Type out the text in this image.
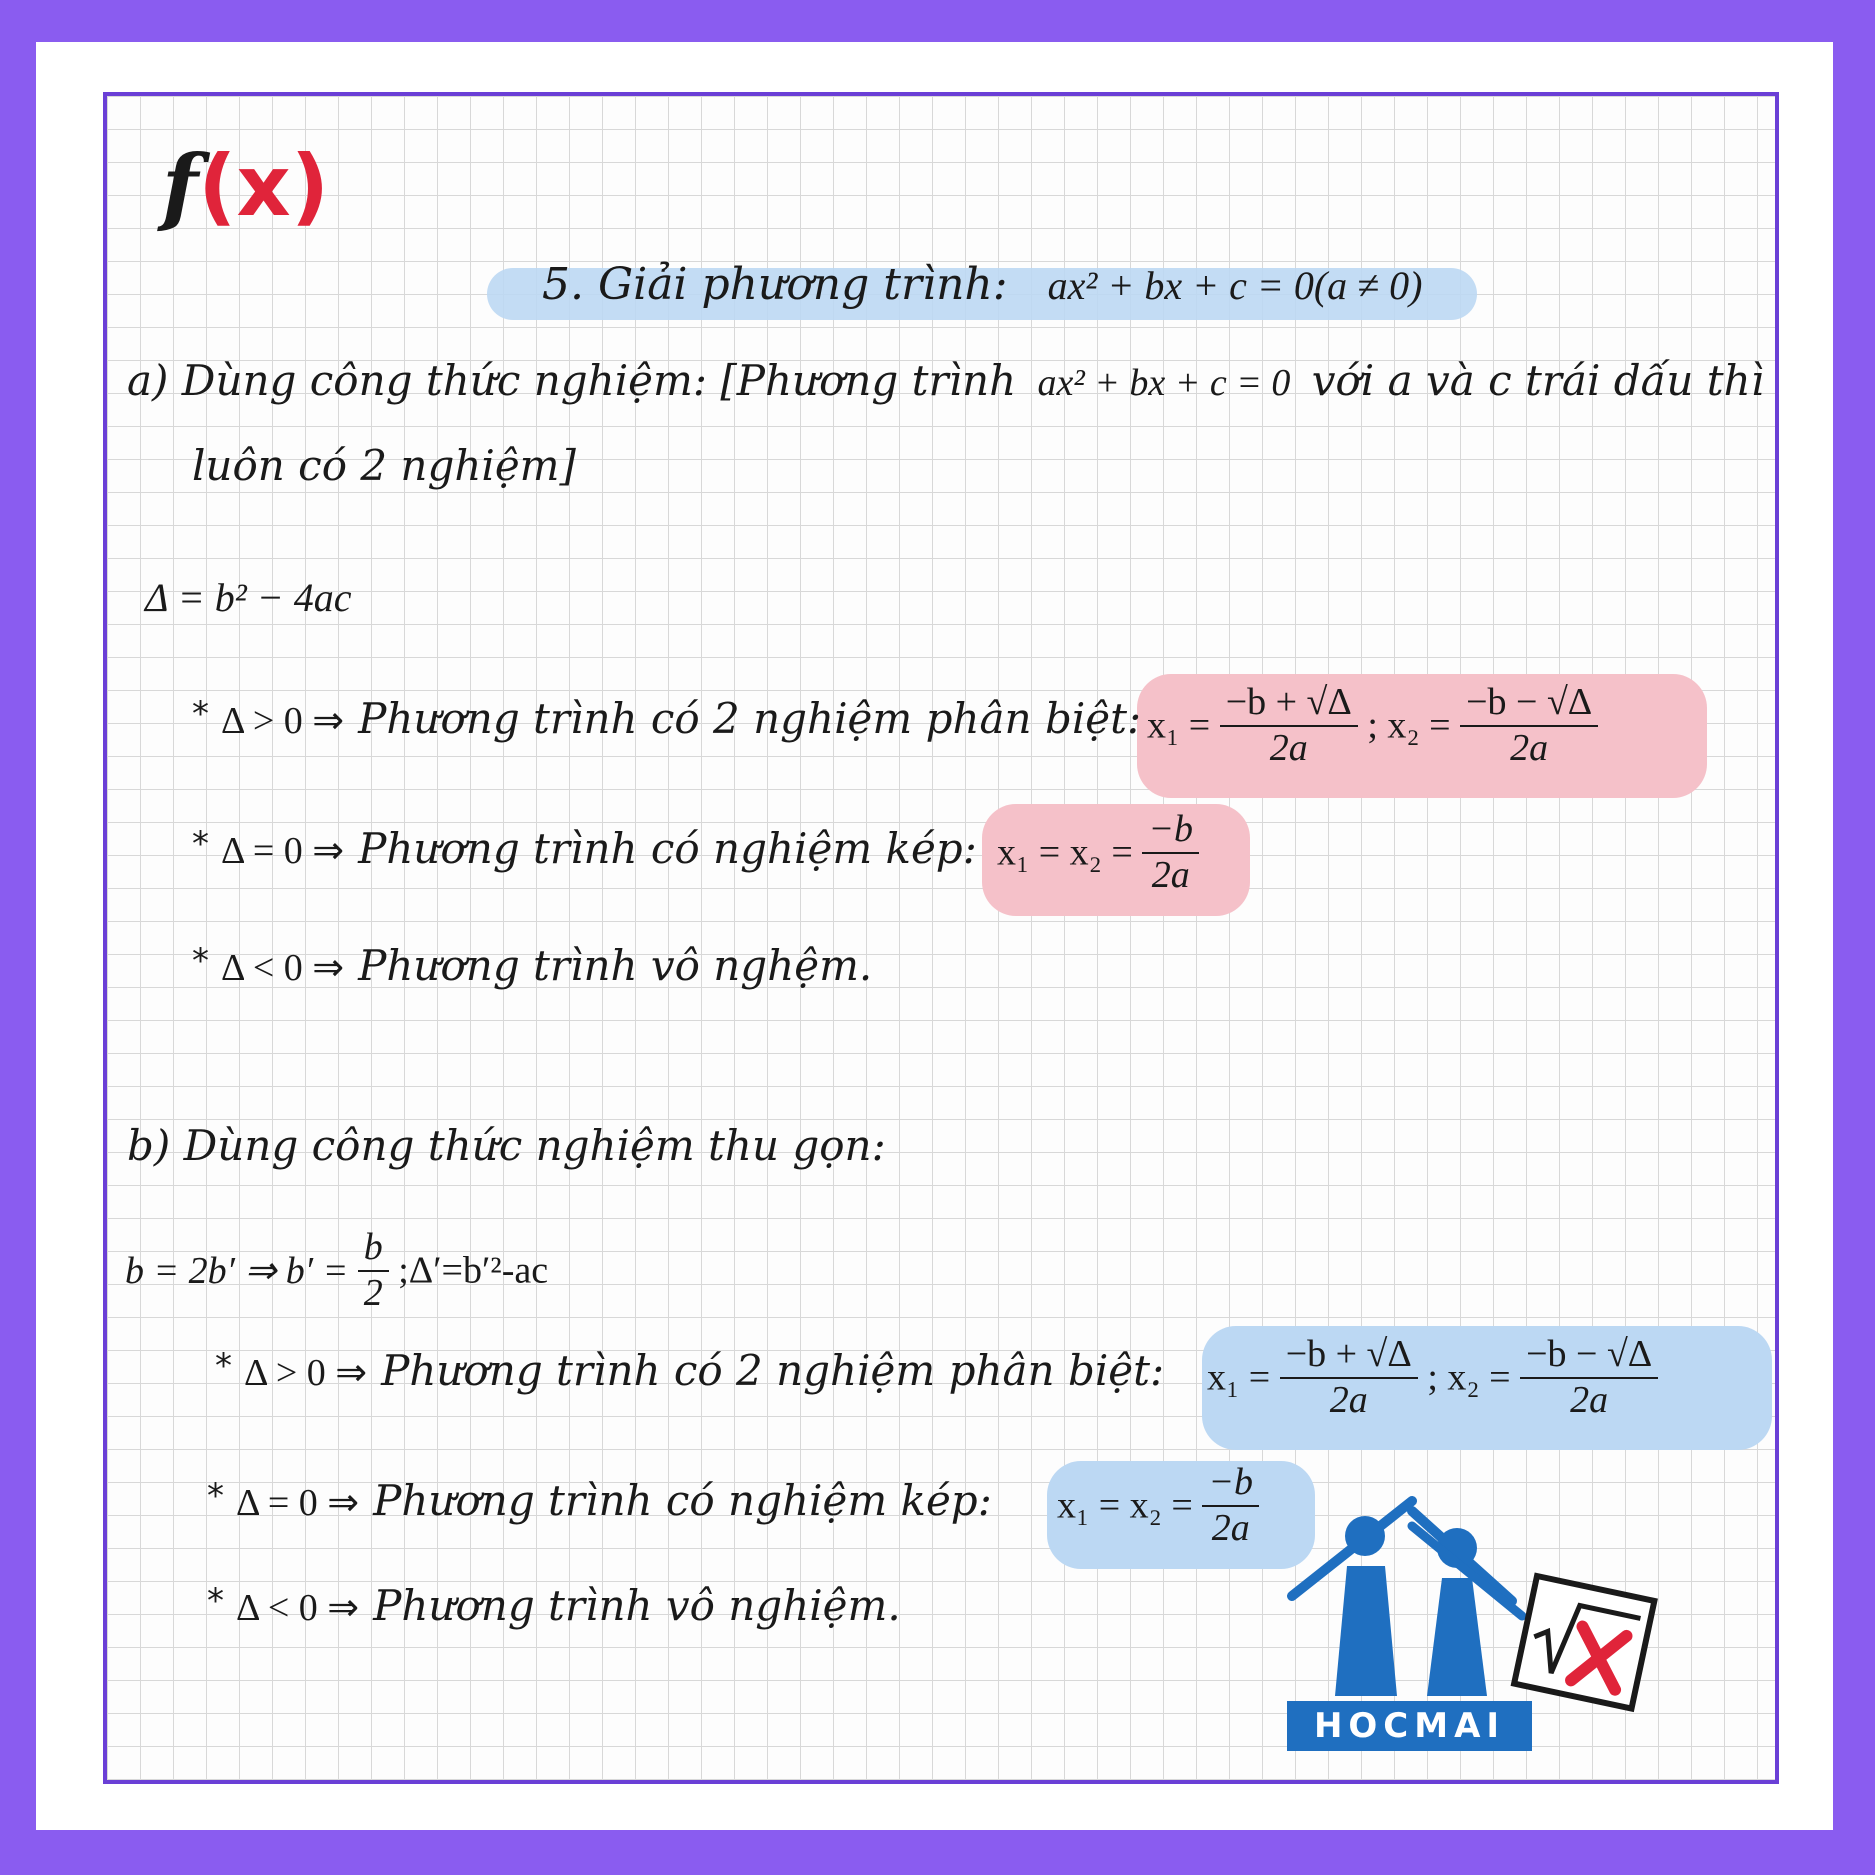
f(x)
5. Giải phương trình: ax² + bx + c = 0(a ≠ 0)
a) Dùng công thức nghiệm: [Phương trình ax² + bx + c = 0 với a và c trái dấu thì
luôn có 2 nghiệm]
Δ = b² − 4ac
* Δ > 0 ⇒ Phương trình có 2 nghiệm phân biệt: $x_1 = \frac{-b + √\Delta}{2a}$ ; $x_2 = \frac{-b - √\Delta}{2a}$
* Δ = 0 ⇒ Phương trình có nghiệm kép: $x_1 = x_2 = \frac{-b}{2a}$
* Δ < 0 ⇒ Phương trình vô nghệm.
b) Dùng công thức nghiệm thu gọn:
b = 2b′ ⇒ $b' = \frac{b}{2}$ ;Δ′=b′²-ac
* Δ > 0 ⇒ Phương trình có 2 nghiệm phân biệt: $x_1 = \frac{-b + √\Delta}{2a}$ ; $x_2 = \frac{-b - √\Delta}{2a}$
* Δ = 0 ⇒ Phương trình có nghiệm kép: $x_1 = x_2 = \frac{-b}{2a}$
* Δ < 0 ⇒ Phương trình vô nghiệm.
HOCMAI
